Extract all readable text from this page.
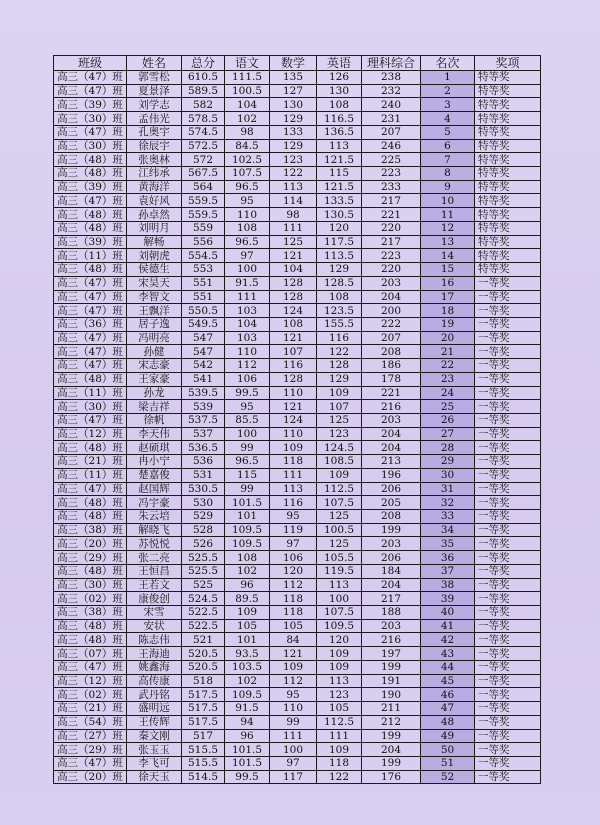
班级	姓名	总分	语文	数学	英语	理科综合	名次	奖项
高三（47）班	郭雪松	610.5	111.5	135	126	238	1	特等奖
高三（47）班	夏景泽	589.5	100.5	127	130	232	2	特等奖
高三（39）班	刘学志	582	104	130	108	240	3	特等奖
高三（30）班	孟伟光	578.5	102	129	116.5	231	4	特等奖
高三（47）班	孔奥宇	574.5	98	133	136.5	207	5	特等奖
高三（30）班	徐辰宇	572.5	84.5	129	113	246	6	特等奖
高三（48）班	张奥林	572	102.5	123	121.5	225	7	特等奖
高三（48）班	江纬承	567.5	107.5	122	115	223	8	特等奖
高三（39）班	黄海洋	564	96.5	113	121.5	233	9	特等奖
高三（47）班	袁好风	559.5	95	114	133.5	217	10	特等奖
高三（48）班	孙卓然	559.5	110	98	130.5	221	11	特等奖
高三（48）班	刘明月	559	108	111	120	220	12	特等奖
高三（39）班	解畅	556	96.5	125	117.5	217	13	特等奖
高三（11）班	刘朝虎	554.5	97	121	113.5	223	14	特等奖
高三（48）班	侯德生	553	100	104	129	220	15	特等奖
高三（47）班	宋昊天	551	91.5	128	128.5	203	16	一等奖
高三（47）班	李智文	551	111	128	108	204	17	一等奖
高三（47）班	王飘洋	550.5	103	124	123.5	200	18	一等奖
高三（36）班	居子逸	549.5	104	108	155.5	222	19	一等奖
高三（47）班	冯明亮	547	103	121	116	207	20	一等奖
高三（47）班	孙健	547	110	107	122	208	21	一等奖
高三（47）班	宋志豪	542	112	116	128	186	22	一等奖
高三（48）班	王家豪	541	106	128	129	178	23	一等奖
高三（11）班	孙龙	539.5	99.5	110	109	221	24	一等奖
高三（30）班	梁吉祥	539	95	121	107	216	25	一等奖
高三（47）班	徐帆	537.5	85.5	124	125	203	26	一等奖
高三（12）班	李天伟	537	100	110	123	204	27	一等奖
高三（48）班	赵硕琪	536.5	99	109	124.5	204	28	一等奖
高三（21）班	冉小宁	536	96.5	118	108.5	213	29	一等奖
高三（11）班	楚嘉俊	531	115	111	109	196	30	一等奖
高三（47）班	赵国辉	530.5	99	113	112.5	206	31	一等奖
高三（48）班	冯宇豪	530	101.5	116	107.5	205	32	一等奖
高三（48）班	朱云培	529	101	95	125	208	33	一等奖
高三（38）班	解晓飞	528	109.5	119	100.5	199	34	一等奖
高三（20）班	苏悦悦	526	109.5	97	125	203	35	一等奖
高三（29）班	张二亮	525.5	108	106	105.5	206	36	一等奖
高三（48）班	王恒昌	525.5	102	120	119.5	184	37	一等奖
高三（30）班	王若文	525	96	112	113	204	38	一等奖
高三（02）班	康俊创	524.5	89.5	118	100	217	39	一等奖
高三（38）班	宋雪	522.5	109	118	107.5	188	40	一等奖
高三（48）班	安状	522.5	105	105	109.5	203	41	一等奖
高三（48）班	陈志伟	521	101	84	120	216	42	一等奖
高三（07）班	王海迪	520.5	93.5	121	109	197	43	一等奖
高三（47）班	姚鑫海	520.5	103.5	109	109	199	44	一等奖
高三（12）班	高传康	518	102	112	113	191	45	一等奖
高三（02）班	武丹铭	517.5	109.5	95	123	190	46	一等奖
高三（21）班	盛明远	517.5	91.5	110	105	211	47	一等奖
高三（54）班	王传辉	517.5	94	99	112.5	212	48	一等奖
高三（27）班	秦文刚	517	96	111	111	199	49	一等奖
高三（29）班	张玉玉	515.5	101.5	100	109	204	50	一等奖
高三（47）班	李飞可	515.5	101.5	97	118	199	51	一等奖
高三（20）班	徐天玉	514.5	99.5	117	122	176	52	一等奖
